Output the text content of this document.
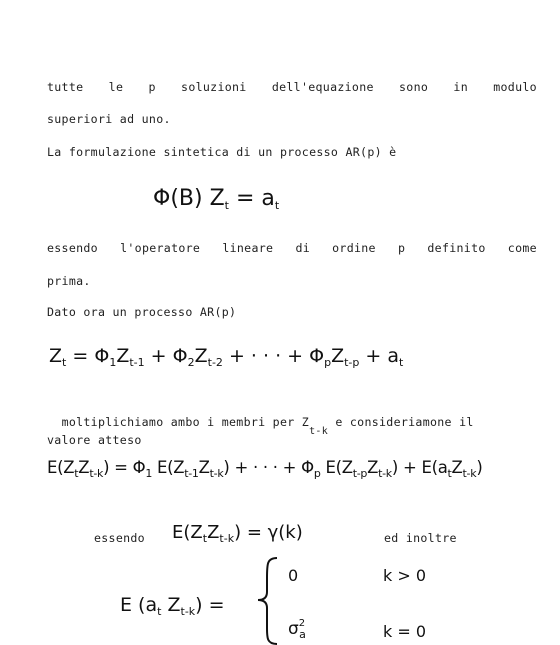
tutte le p soluzioni dell'equazione sono in modulo
superiori ad uno.
La formulazione sintetica di un processo AR(p) è
Φ(B) $Z_t = a_t$
essendo l'operatore lineare di ordine p definito come
prima.
Dato ora un processo AR(p)
$Z_t = \Phi_1Z_{t-1} + \Phi_2Z_{t-2}$ + · · · + $\Phi_pZ_{t-p} + a_t$

moltiplichiamo ambo i membri per $Z_{t-k}$ e consideriamone il

valore atteso
$E(Z_tZ_{t-k}) = \Phi_1$ $E(Z_{t-1}Z_{t-k})$ + · · · + $\Phi_p$ $E(Z_{t-p}Z_{t-k}) + E(a_tZ_{t-k})$
essendo $E(Z_tZ_{t-k}) = \gamma(k)$	ed inoltre
E ($a_t$ $Z_{t-k}$) =
0	k > 0
$\sigma^2_a$	k = 0
